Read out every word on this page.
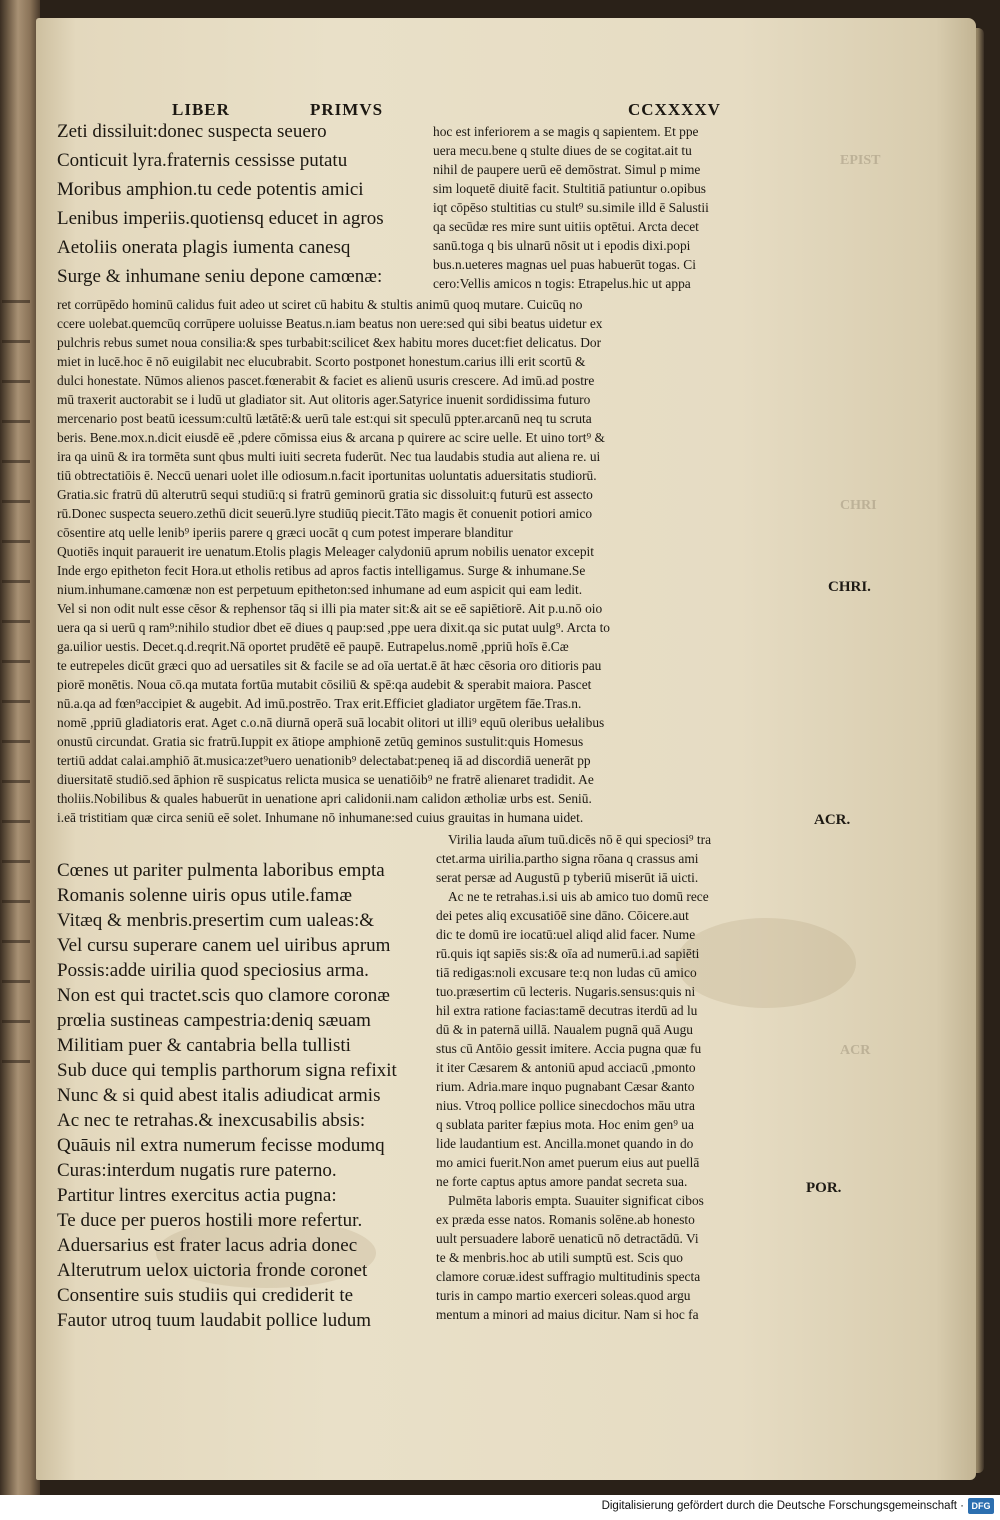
EPIST
CHRI
ACR
LIBER	PRIMVS	CCXXXXV
Zeti dissiluit:donec suspecta seuero
Conticuit lyra.fraternis cessisse putatu
Moribus amphion.tu cede potentis amici
Lenibus imperiis.quotiensq educet in agros
Aetoliis onerata plagis iumenta canesq
Surge & inhumane seniu depone camœnæ:
hoc est inferiorem a se magis q sapientem. Et ppe
uera mecu.bene q stulte diues de se cogitat.ait tu
nihil de paupere uerū eē demōstrat. Simul p mime
sim loquetē diuitē facit. Stultitiā patiuntur o.opibus
iqt cōpēso stultitias cu stult⁹ su.simile illd ē Salustii
qa secūdæ res mire sunt uitiis optētui. Arcta decet
sanū.toga q bis ulnarū nōsit ut i epodis dixi.popi
bus.n.ueteres magnas uel puas habuerūt togas. Ci
cero:Vellis amicos n togis: Etrapelus.hic ut appa
ret corrūpēdo hominū calidus fuit adeo ut sciret cū habitu & stultis animū quoq mutare. Cuicūq no
ccere uolebat.quemcūq corrūpere uoluisse Beatus.n.iam beatus non uere:sed qui sibi beatus uidetur ex
pulchris rebus sumet noua consilia:& spes turbabit:scilicet &ex habitu mores ducet:fiet delicatus. Dor
miet in lucē.hoc ē nō euigilabit nec elucubrabit. Scorto postponet honestum.carius illi erit scortū &
dulci honestate. Nūmos alienos pascet.fœnerabit & faciet es alienū usuris crescere. Ad imū.ad postre
mū traxerit auctorabit se i ludū ut gladiator sit. Aut olitoris ager.Satyrice inuenit sordidissima futuro
mercenario post beatū icessum:cultū lætātē:& uerū tale est:qui sit speculū ppter.arcanū neq tu scruta
beris. Bene.mox.n.dicit eiusdē eē ,pdere cōmissa eius & arcana p quirere ac scire uelle. Et uino tort⁹ &
ira qa uinū & ira tormēta sunt qbus multi iuiti secreta fuderūt. Nec tua laudabis studia aut aliena re. ui
tiū obtrectatiōis ē. Neccū uenari uolet ille odiosum.n.facit iportunitas uoluntatis aduersitatis studiorū.
Gratia.sic fratrū dū alterutrū sequi studiū:q si fratrū geminorū gratia sic dissoluit:q futurū est assecto
rū.Donec suspecta seuero.zethū dicit seuerū.lyre studiūq piecit.Tāto magis ēt conuenit potiori amico
cōsentire atq uelle lenib⁹ iperiis parere q græci uocāt q cum potest imperare blanditur
Quotiēs inquit parauerit ire uenatum.Etolis plagis Meleager calydoniū aprum nobilis uenator excepit
Inde ergo epitheton fecit Hora.ut etholis retibus ad apros factis intelligamus. Surge & inhumane.Se
nium.inhumane.camœnæ non est perpetuum epitheton:sed inhumane ad eum aspicit qui eam ledit.
Vel si non odit nult esse cēsor & rephensor tāq si illi pia mater sit:& ait se eē sapiētiorē. Ait p.u.nō oio
uera qa si uerū q ram⁹:nihilo studior dbet eē diues q paup:sed ,ppe uera dixit.qa sic putat uulg⁹. Arcta to
ga.uilior uestis. Decet.q.d.reqrit.Nā oportet prudētē eē paupē. Eutrapelus.nomē ,ppriū hoīs ē.Cæ
te eutrepeles dicūt græci quo ad uersatiles sit & facile se ad oīa uertat.ē āt hæc cēsoria oro ditioris pau
piorē monētis. Noua cō.qa mutata fortūa mutabit cōsiliū & spē:qa audebit & sperabit maiora. Pascet
nū.a.qa ad fœn⁹accipiet & augebit. Ad imū.postrēo. Trax erit.Efficiet gladiator urgētem fāe.Tras.n.
nomē ,ppriū gladiatoris erat. Aget c.o.nā diurnā operā suā locabit olitori ut illi⁹ equū oleribus ueƚalibus
onustū circundat. Gratia sic fratrū.Iuppit ex ātiope amphionē zetūq geminos sustulit:quis Homesus
tertiū addat calai.amphiō āt.musica:zet⁹uero uenationib⁹ delectabat:peneq iā ad discordiā uenerāt pp
diuersitatē studiō.sed āphion rē suspicatus relicta musica se uenatiōib⁹ ne fratrē alienaret tradidit. Ae
tholiis.Nobilibus & quales habuerūt in uenatione apri calidonii.nam calidon ætholiæ urbs est. Seniū.
i.eā tristitiam quæ circa seniū eē solet. Inhumane nō inhumane:sed cuius grauitas in humana uidet.
Cœnes ut pariter pulmenta laboribus empta
Romanis solenne uiris opus utile.famæ
Vitæq & menbris.presertim cum ualeas:&
Vel cursu superare canem uel uiribus aprum
Possis:adde uirilia quod speciosius arma.
Non est qui tractet.scis quo clamore coronæ
prœlia sustineas campestria:deniq sæuam
Militiam puer & cantabria bella tullisti
Sub duce qui templis parthorum signa refixit
Nunc & si quid abest italis adiudicat armis
Ac nec te retrahas.& inexcusabilis absis:
Quāuis nil extra numerum fecisse modumq
Curas:interdum nugatis rure paterno.
Partitur lintres exercitus actia pugna:
Te duce per pueros hostili more refertur.
Aduersarius est frater lacus adria donec
Alterutrum uelox uictoria fronde coronet
Consentire suis studiis qui crediderit te
Fautor utroq tuum laudabit pollice ludum
Virilia lauda aīum tuū.dicēs nō ē qui speciosi⁹ tra
ctet.arma uirilia.partho signa rōana q crassus ami
serat persæ ad Augustū p tyberiū miserūt iā uicti.
Ac ne te retrahas.i.si uis ab amico tuo domū rece
dei petes aliq excusatiōē sine dāno. Cōicere.aut
dic te domū ire iocatū:uel aliqd alid facer. Nume
rū.quis iqt sapiēs sis:& oīa ad numerū.i.ad sapiēti
tiā redigas:noli excusare te:q non ludas cū amico
tuo.præsertim cū lecteris. Nugaris.sensus:quis ni
hil extra ratione facias:tamē decutras iterdū ad lu
dū & in paternā uillā. Naualem pugnā quā Augu
stus cū Antōio gessit imitere. Accia pugna quæ fu
it iter Cæsarem & antoniū apud acciacū ,pmonto
rium. Adria.mare inquo pugnabant Cæsar &anto
nius. Vtroq pollice pollice sinecdochos māu utra
q sublata pariter fæpius mota. Hoc enim gen⁹ ua
lide laudantium est. Ancilla.monet quando in do
mo amici fuerit.Non amet puerum eius aut puellā
ne forte captus aptus amore pandat secreta sua.
Pulmēta laboris empta. Suauiter significat cibos
ex præda esse natos. Romanis solēne.ab honesto
uult persuadere laborē uenaticū nō detractādū. Vi
te & menbris.hoc ab utili sumptū est. Scis quo
clamore coruæ.idest suffragio multitudinis specta
turis in campo martio exerceri soleas.quod argu
mentum a minori ad maius dicitur. Nam si hoc fa
CHRI.
ACR.
POR.
Digitalisierung gefördert durch die Deutsche Forschungsgemeinschaft · DFG
